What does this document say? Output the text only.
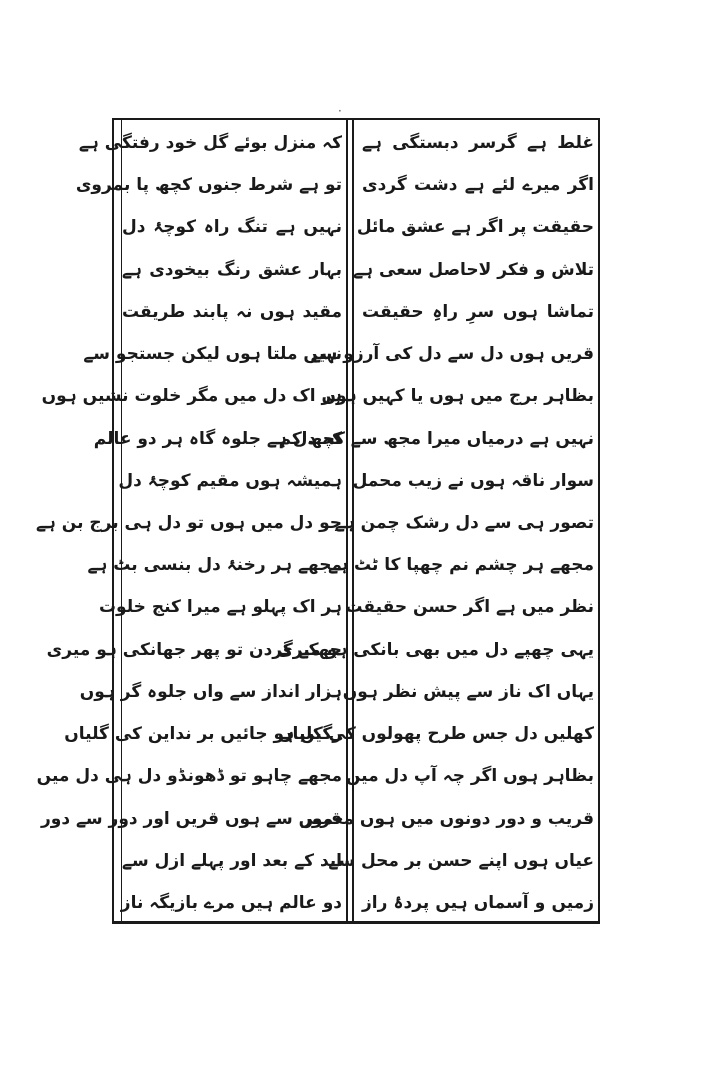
·
غلط ہے گرسر دبستگی ہے
اگر میرے لئے ہے دشت گردی
حقیقت پر اگر ہے عشق مائل
تلاش و فکر لاحاصل سعی ہے
تماشا ہوں سرِ راہِ حقیقت
قریں ہوں دل سے دل کی آرزو سے
بظاہر برج میں ہوں یا کہیں ہوں
نہیں ہے درمیاں میرا مجھ سے کچھ کم
سوار ناقہ ہوں نے زیب محمل
تصور ہی سے دل رشک چمن ہے
مجھے ہر چشم نم چھپا کا ٹٹ ہے
نظر میں ہے اگر حسن حقیقت
یہی چھپے دل میں بھی بانکی ہو میری
یہاں اک ناز سے پیش نظر ہوں
کھلیں دل جس طرح پھولوں کی کلیاں
بظاہر ہوں اگر چہ آپ دل میں
قریب و دور دونوں میں ہوں معمور
عیاں ہوں اپنے حسن بر محل سے
زمیں و آسماں ہیں پردۂ راز
کہ منزل بوئے گل خود رفتگی ہے
تو ہے شرط جنوں کچھ پا بمروی
نہیں ہے تنگ راہ کوچۂ دل
بہار عشق رنگ بیخودی ہے
مقید ہوں نہ پابند طریقت
نہیں ملتا ہوں لیکن جستجو سے
ہر اک دل میں مگر خلوت نشیں ہوں
کہ دل ہے جلوہ گاہ ہر دو عالم
ہمیشہ ہوں مقیم کوچۂ دل
جو دل میں ہوں تو دل ہی برج بن ہے
مجھے ہر رخنۂ دل بنسی بٹ ہے
ہر اک پہلو ہے میرا کنج خلوت
جھکے گردن تو پھر جھانکی ہو میری
ہزار انداز سے واں جلوہ گر ہوں
رگیں ہو جائیں بر نداین کی گلیاں
مجھے چاہو تو ڈھونڈو دل ہی دل میں
قریں سے ہوں قریں اور دور سے دور
ابد کے بعد اور پہلے ازل سے
دو عالم ہیں مرے بازیگہ ناز
